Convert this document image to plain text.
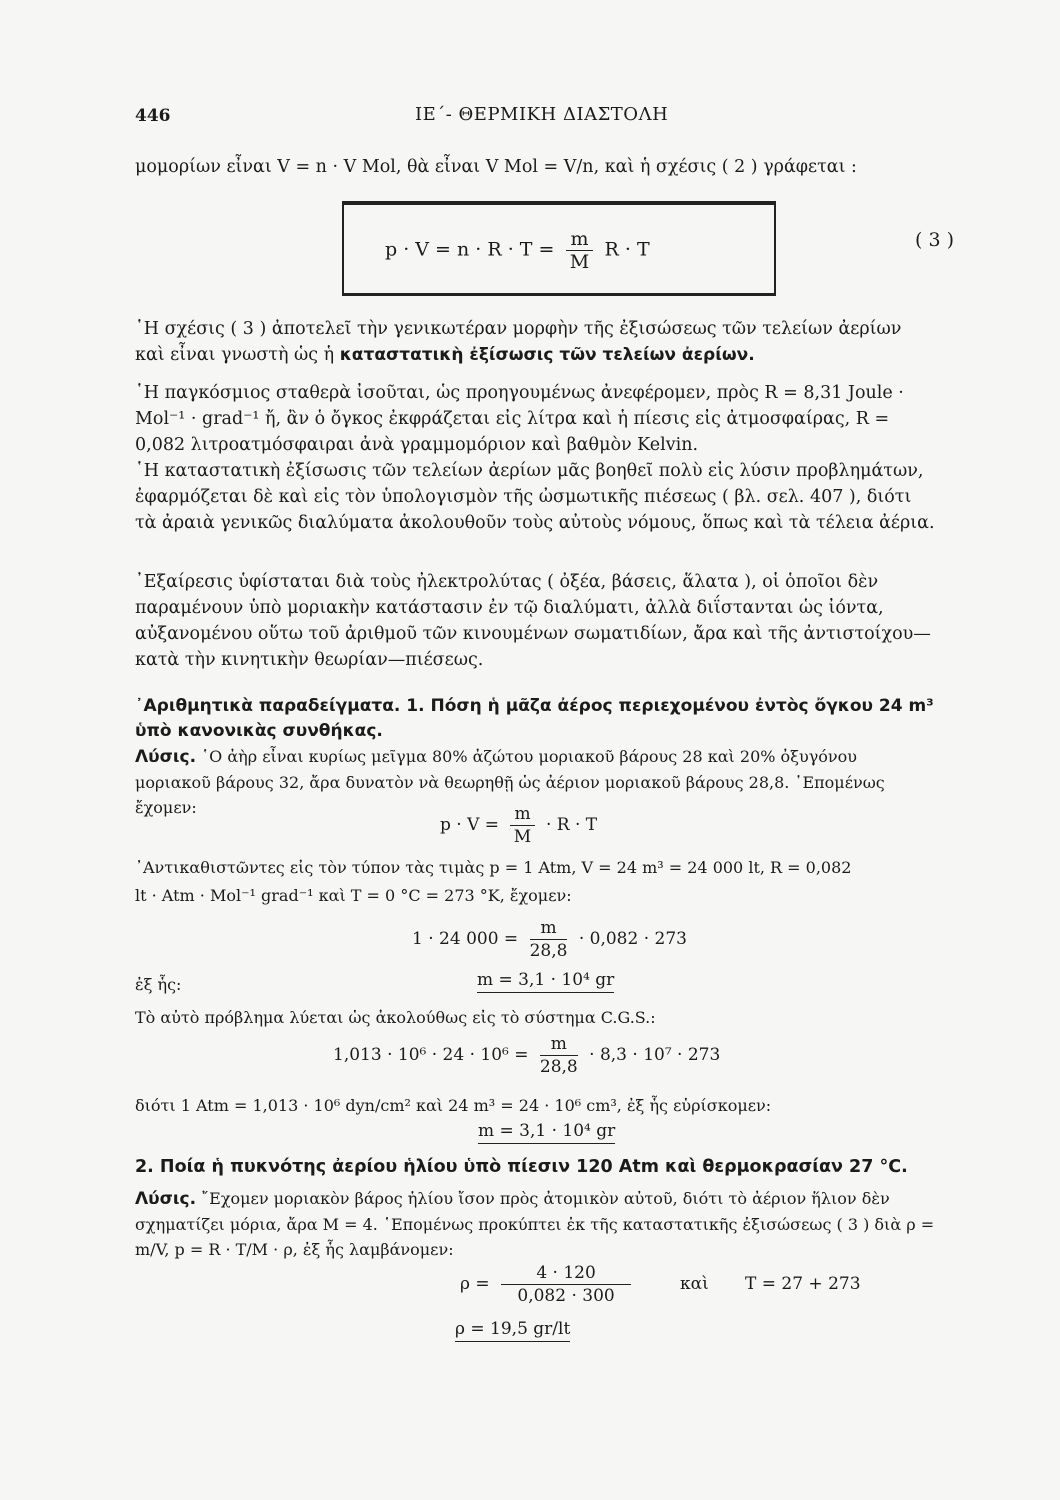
446	ΙΕ΄- ΘΕΡΜΙΚΗ ΔΙΑΣΤΟΛΗ
μομορίων εἶναι V = n · V Mol, θὰ εἶναι V Mol = V/n, καὶ ἡ σχέσις ( 2 ) γράφεται :
$p \cdot V = n \cdot R \cdot T = \frac{m}{M}$ R · T	( 3 )
῾Η σχέσις ( 3 ) ἀποτελεῖ τὴν γενικωτέραν μορφὴν τῆς ἐξισώσεως τῶν τελείων ἀερίων καὶ εἶναι γνωστὴ ὡς ἡ καταστατικὴ ἐξίσωσις τῶν τελείων ἀερίων.
῾Η παγκόσμιος σταθερὰ ἰσοῦται, ὡς προηγουμένως ἀνεφέρομεν, πρὸς R = 8,31 Joule · Mol⁻¹ · grad⁻¹ ἤ, ἂν ὁ ὄγκος ἐκφράζεται εἰς λίτρα καὶ ἡ πίεσις εἰς ἀτμοσφαίρας, R = 0,082 λιτροατμόσφαιραι ἀνὰ γραμμομόριον καὶ βαθμὸν Kelvin.
῾Η καταστατικὴ ἐξίσωσις τῶν τελείων ἀερίων μᾶς βοηθεῖ πολὺ εἰς λύσιν προβλημάτων, ἐφαρμόζεται δὲ καὶ εἰς τὸν ὑπολογισμὸν τῆς ὠσμωτικῆς πιέσεως ( βλ. σελ. 407 ), διότι τὰ ἀραιὰ γενικῶς διαλύματα ἀκολουθοῦν τοὺς αὐτοὺς νόμους, ὅπως καὶ τὰ τέλεια ἀέρια.
᾿Εξαίρεσις ὑφίσταται διὰ τοὺς ἠλεκτρολύτας ( ὀξέα, βάσεις, ἅλατα ), οἱ ὁποῖοι δὲν παραμένουν ὑπὸ μοριακὴν κατάστασιν ἐν τῷ διαλύματι, ἀλλὰ διΐστανται ὡς ἰόντα, αὐξανομένου οὕτω τοῦ ἀριθμοῦ τῶν κινουμένων σωματιδίων, ἄρα καὶ τῆς ἀντιστοίχου—κατὰ τὴν κινητικὴν θεωρίαν—πιέσεως.
᾿Αριθμητικὰ παραδείγματα. 1. Πόση ἡ μᾶζα ἀέρος περιεχομένου ἐντὸς ὄγκου 24 m³ ὑπὸ κανονικὰς συνθήκας.
Λύσις. ῾Ο ἀὴρ εἶναι κυρίως μεῖγμα 80% ἀζώτου μοριακοῦ βάρους 28 καὶ 20% ὀξυγόνου μοριακοῦ βάρους 32, ἄρα δυνατὸν νὰ θεωρηθῇ ὡς ἀέριον μοριακοῦ βάρους 28,8. ῾Επομένως ἔχομεν:
$p \cdot V = \frac{m}{M} \cdot R \cdot T$
᾿Αντικαθιστῶντες εἰς τὸν τύπον τὰς τιμὰς p = 1 Atm, V = 24 m³ = 24 000 lt, R = 0,082
lt · Atm · Mol⁻¹ grad⁻¹ καὶ T = 0 °C = 273 °K, ἔχομεν:
1 · 24 $000 = \frac{m}{28,8} \cdot 0,082 \cdot 273$
ἐξ ἧς:	m = 3,1 · 10⁴ gr
Τὸ αὐτὸ πρόβλημα λύεται ὡς ἀκολούθως εἰς τὸ σύστημα C.G.S.:
$1,013 \cdot 10^6 \cdot 24 \cdot 10^6 = \frac{m}{28,8} \cdot 8,3 \cdot 10^7 \cdot 273$
διότι 1 Atm = 1,013 · 10⁶ dyn/cm² καὶ 24 m³ = 24 · 10⁶ cm³, ἐξ ἧς εὑρίσκομεν:
m = 3,1 · 10⁴ gr
2. Ποία ἡ πυκνότης ἀερίου ἡλίου ὑπὸ πίεσιν 120 Atm καὶ θερμοκρασίαν 27 °C.
Λύσις. ῎Εχομεν μοριακὸν βάρος ἡλίου ἴσον πρὸς ἀτομικὸν αὐτοῦ, διότι τὸ ἀέριον ἥλιον δὲν σχηματίζει μόρια, ἄρα M = 4. ῾Επομένως προκύπτει ἐκ τῆς καταστατικῆς ἐξισώσεως ( 3 ) διὰ ρ = m/V, p = R · T/M · ρ, ἐξ ἧς λαμβάνομεν:
$\rho = \frac{4 \cdot 120}{0,082 \cdot 300}$	καὶ T = 27 + 273
ρ = 19,5 gr/lt
